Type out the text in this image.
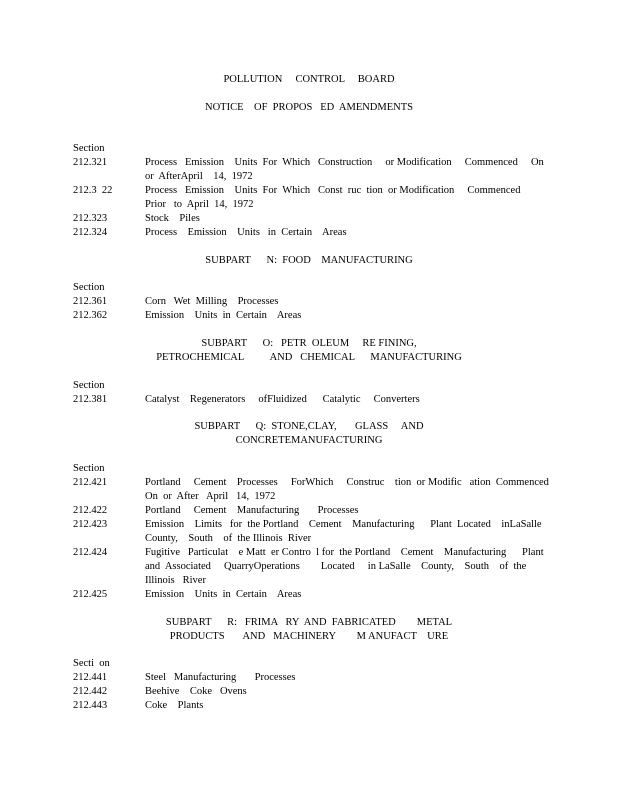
POLLUTION     CONTROL     BOARD
NOTICE    OF  PROPOS   ED  AMENDMENTS
Section
212.321	Process   Emission    Units  For  Which   Construction     or Modification     Commenced     On
or  AfterApril    14,  1972
212.3  22	Process   Emission    Units  For  Which   Const  ruc  tion  or Modification     Commenced
Prior   to  April  14,  1972
212.323	Stock    Piles
212.324	Process    Emission    Units   in  Certain    Areas
SUBPART      N:  FOOD    MANUFACTURING
Section
212.361	Corn   Wet  Milling    Processes
212.362	Emission    Units  in  Certain    Areas
SUBPART      O:   PETR  OLEUM     RE FINING,
PETROCHEMICAL          AND   CHEMICAL      MANUFACTURING
Section
212.381	Catalyst    Regenerators     ofFluidized      Catalytic     Converters
SUBPART      Q:  STONE,CLAY,       GLASS     AND
CONCRETEMANUFACTURING
Section
212.421	Portland     Cement    Processes     ForWhich     Construc    tion  or Modific   ation  Commenced
On  or  After   April   14,  1972
212.422	Portland     Cement    Manufacturing       Processes
212.423	Emission    Limits   for  the Portland    Cement    Manufacturing      Plant  Located    inLaSalle
County,    South    of  the Illinois  River
212.424	Fugitive   Particulat    e Matt  er Contro  l for  the Portland    Cement    Manufacturing      Plant
and  Associated     QuarryOperations        Located     in LaSalle    County,    South    of  the
Illinois   River
212.425	Emission    Units  in  Certain    Areas
SUBPART      R:   FRIMA   RY  AND  FABRICATED        METAL
PRODUCTS       AND   MACHINERY        M ANUFACT    URE
Secti  on
212.441	Steel   Manufacturing       Processes
212.442	Beehive    Coke   Ovens
212.443	Coke    Plants
